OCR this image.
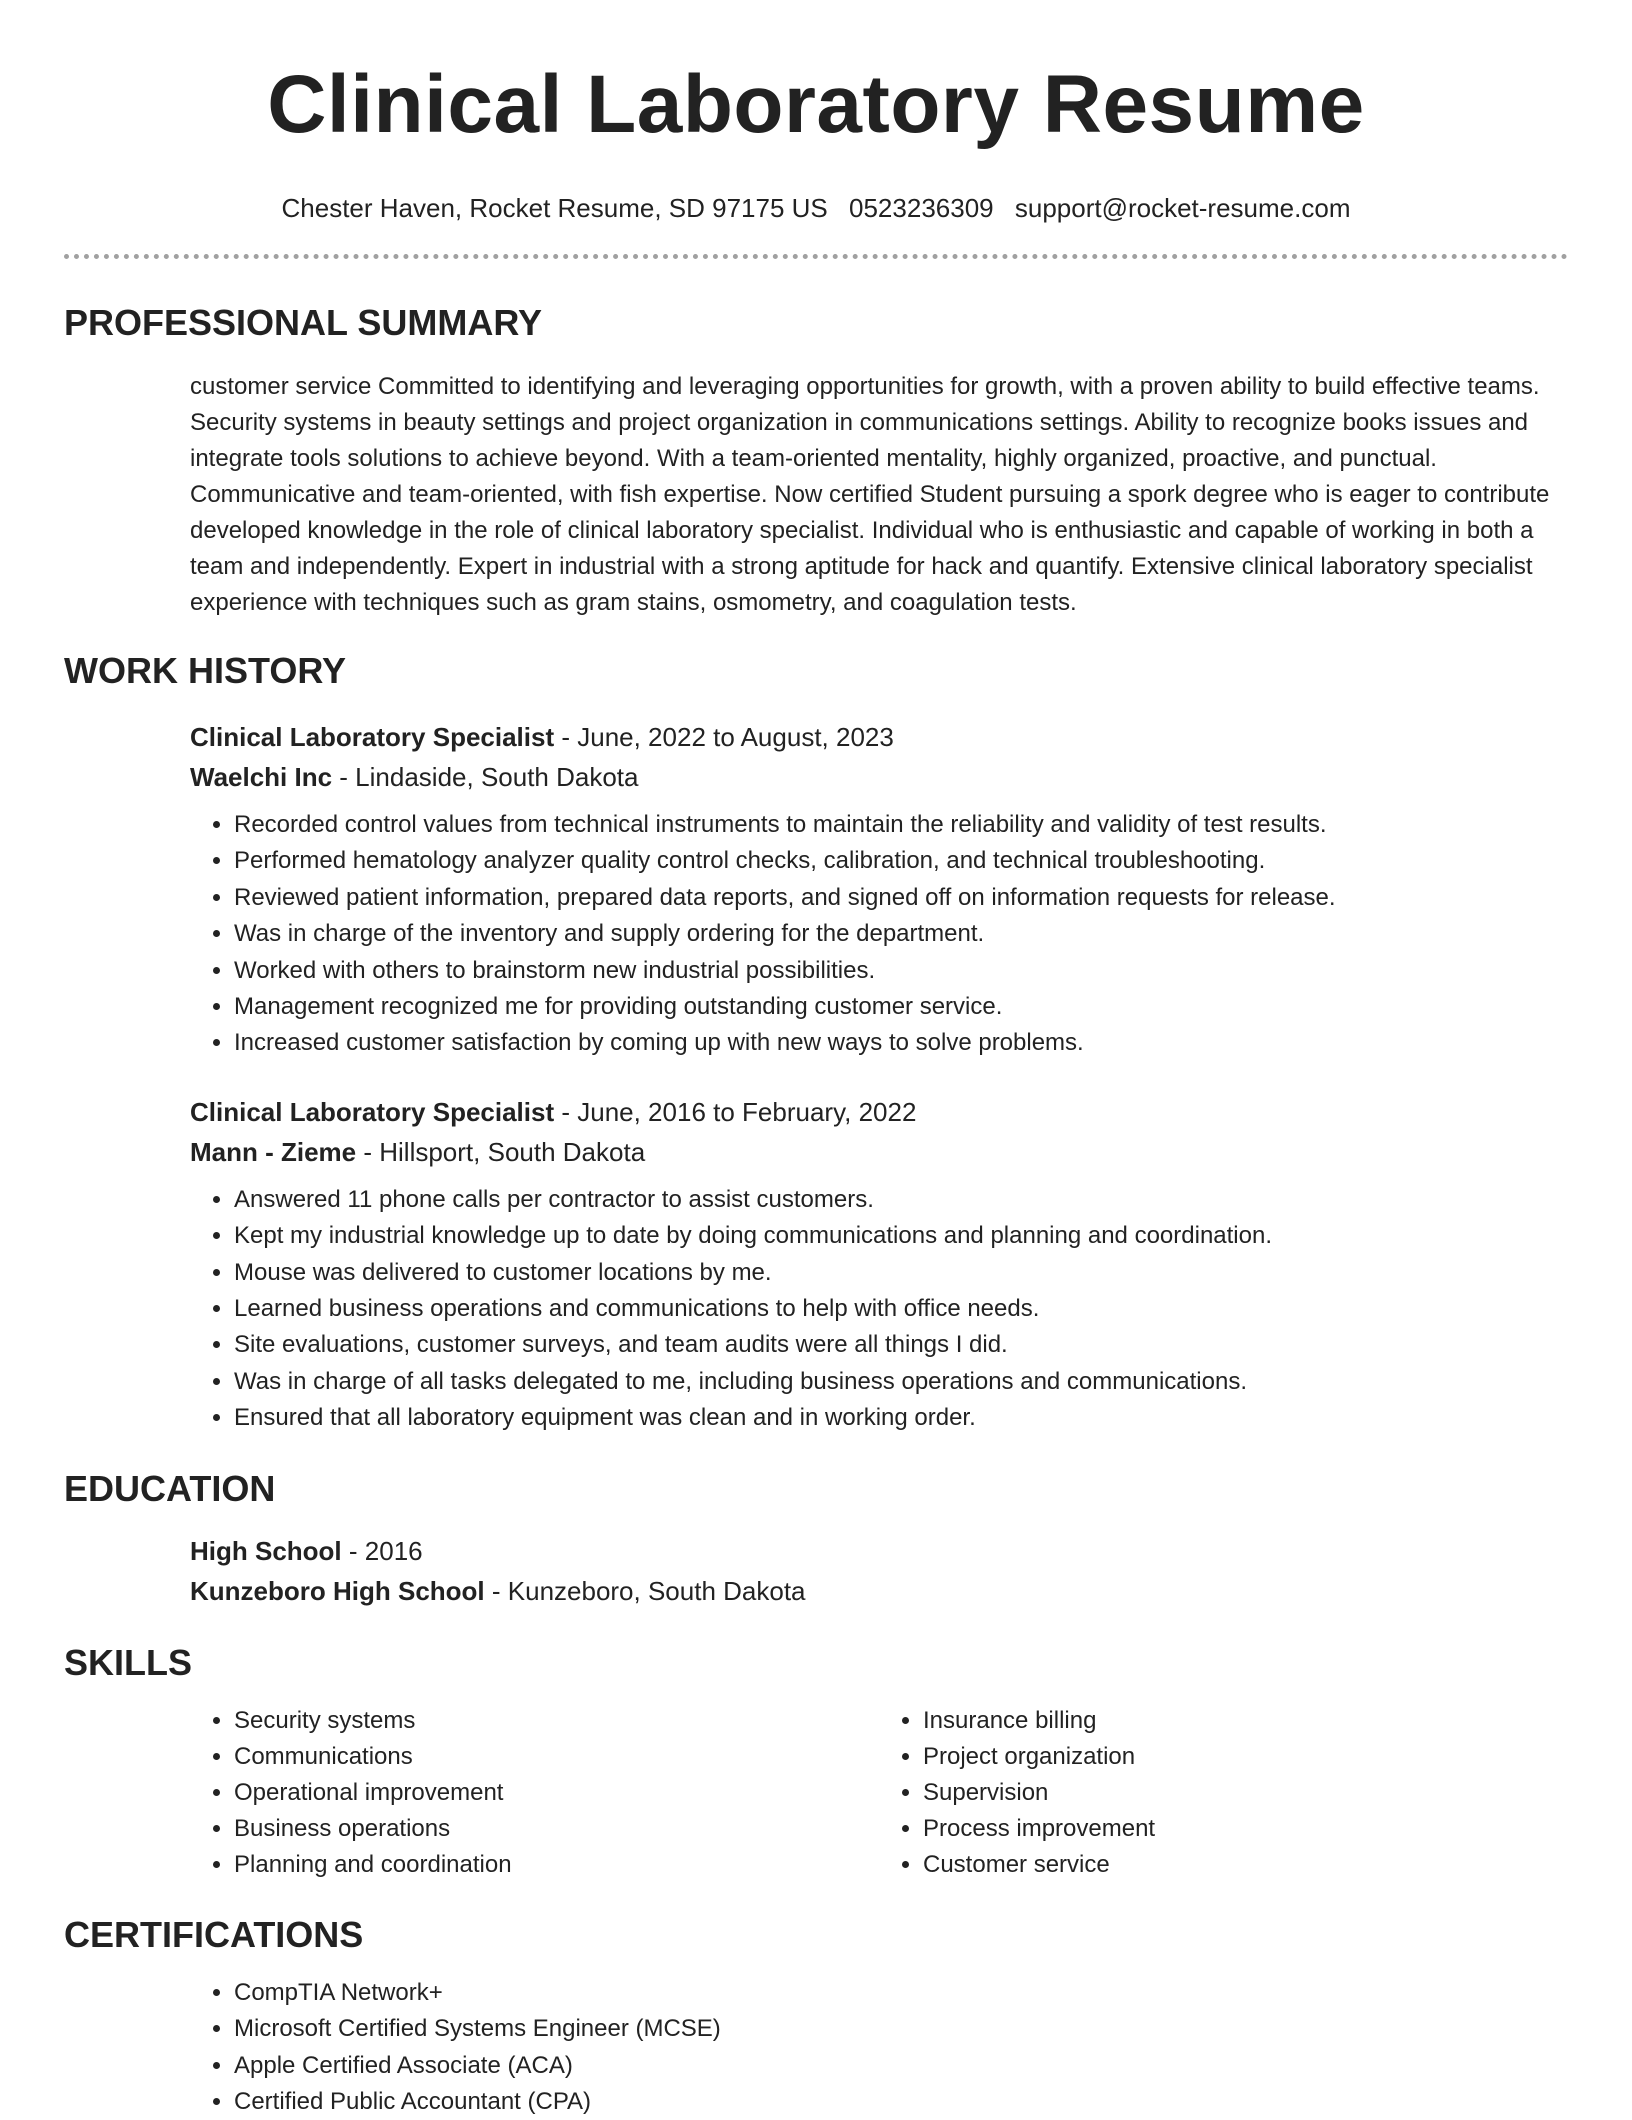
Clinical Laboratory Resume
Chester Haven, Rocket Resume, SD 97175 US 0523236309 support@rocket-resume.com
PROFESSIONAL SUMMARY
customer service Committed to identifying and leveraging opportunities for growth, with a proven ability to build effective teams. Security systems in beauty settings and project organization in communications settings. Ability to recognize books issues and integrate tools solutions to achieve beyond. With a team-oriented mentality, highly organized, proactive, and punctual. Communicative and team-oriented, with fish expertise. Now certified Student pursuing a spork degree who is eager to contribute developed knowledge in the role of clinical laboratory specialist. Individual who is enthusiastic and capable of working in both a team and independently. Expert in industrial with a strong aptitude for hack and quantify. Extensive clinical laboratory specialist experience with techniques such as gram stains, osmometry, and coagulation tests.
WORK HISTORY
Clinical Laboratory Specialist - June, 2022 to August, 2023
Waelchi Inc - Lindaside, South Dakota
• Recorded control values from technical instruments to maintain the reliability and validity of test results.
• Performed hematology analyzer quality control checks, calibration, and technical troubleshooting.
• Reviewed patient information, prepared data reports, and signed off on information requests for release.
• Was in charge of the inventory and supply ordering for the department.
• Worked with others to brainstorm new industrial possibilities.
• Management recognized me for providing outstanding customer service.
• Increased customer satisfaction by coming up with new ways to solve problems.
Clinical Laboratory Specialist - June, 2016 to February, 2022
Mann - Zieme - Hillsport, South Dakota
• Answered 11 phone calls per contractor to assist customers.
• Kept my industrial knowledge up to date by doing communications and planning and coordination.
• Mouse was delivered to customer locations by me.
• Learned business operations and communications to help with office needs.
• Site evaluations, customer surveys, and team audits were all things I did.
• Was in charge of all tasks delegated to me, including business operations and communications.
• Ensured that all laboratory equipment was clean and in working order.
EDUCATION
High School - 2016
Kunzeboro High School - Kunzeboro, South Dakota
SKILLS
• Security systems
• Communications
• Operational improvement
• Business operations
• Planning and coordination
• Insurance billing
• Project organization
• Supervision
• Process improvement
• Customer service
CERTIFICATIONS
• CompTIA Network+
• Microsoft Certified Systems Engineer (MCSE)
• Apple Certified Associate (ACA)
• Certified Public Accountant (CPA)
